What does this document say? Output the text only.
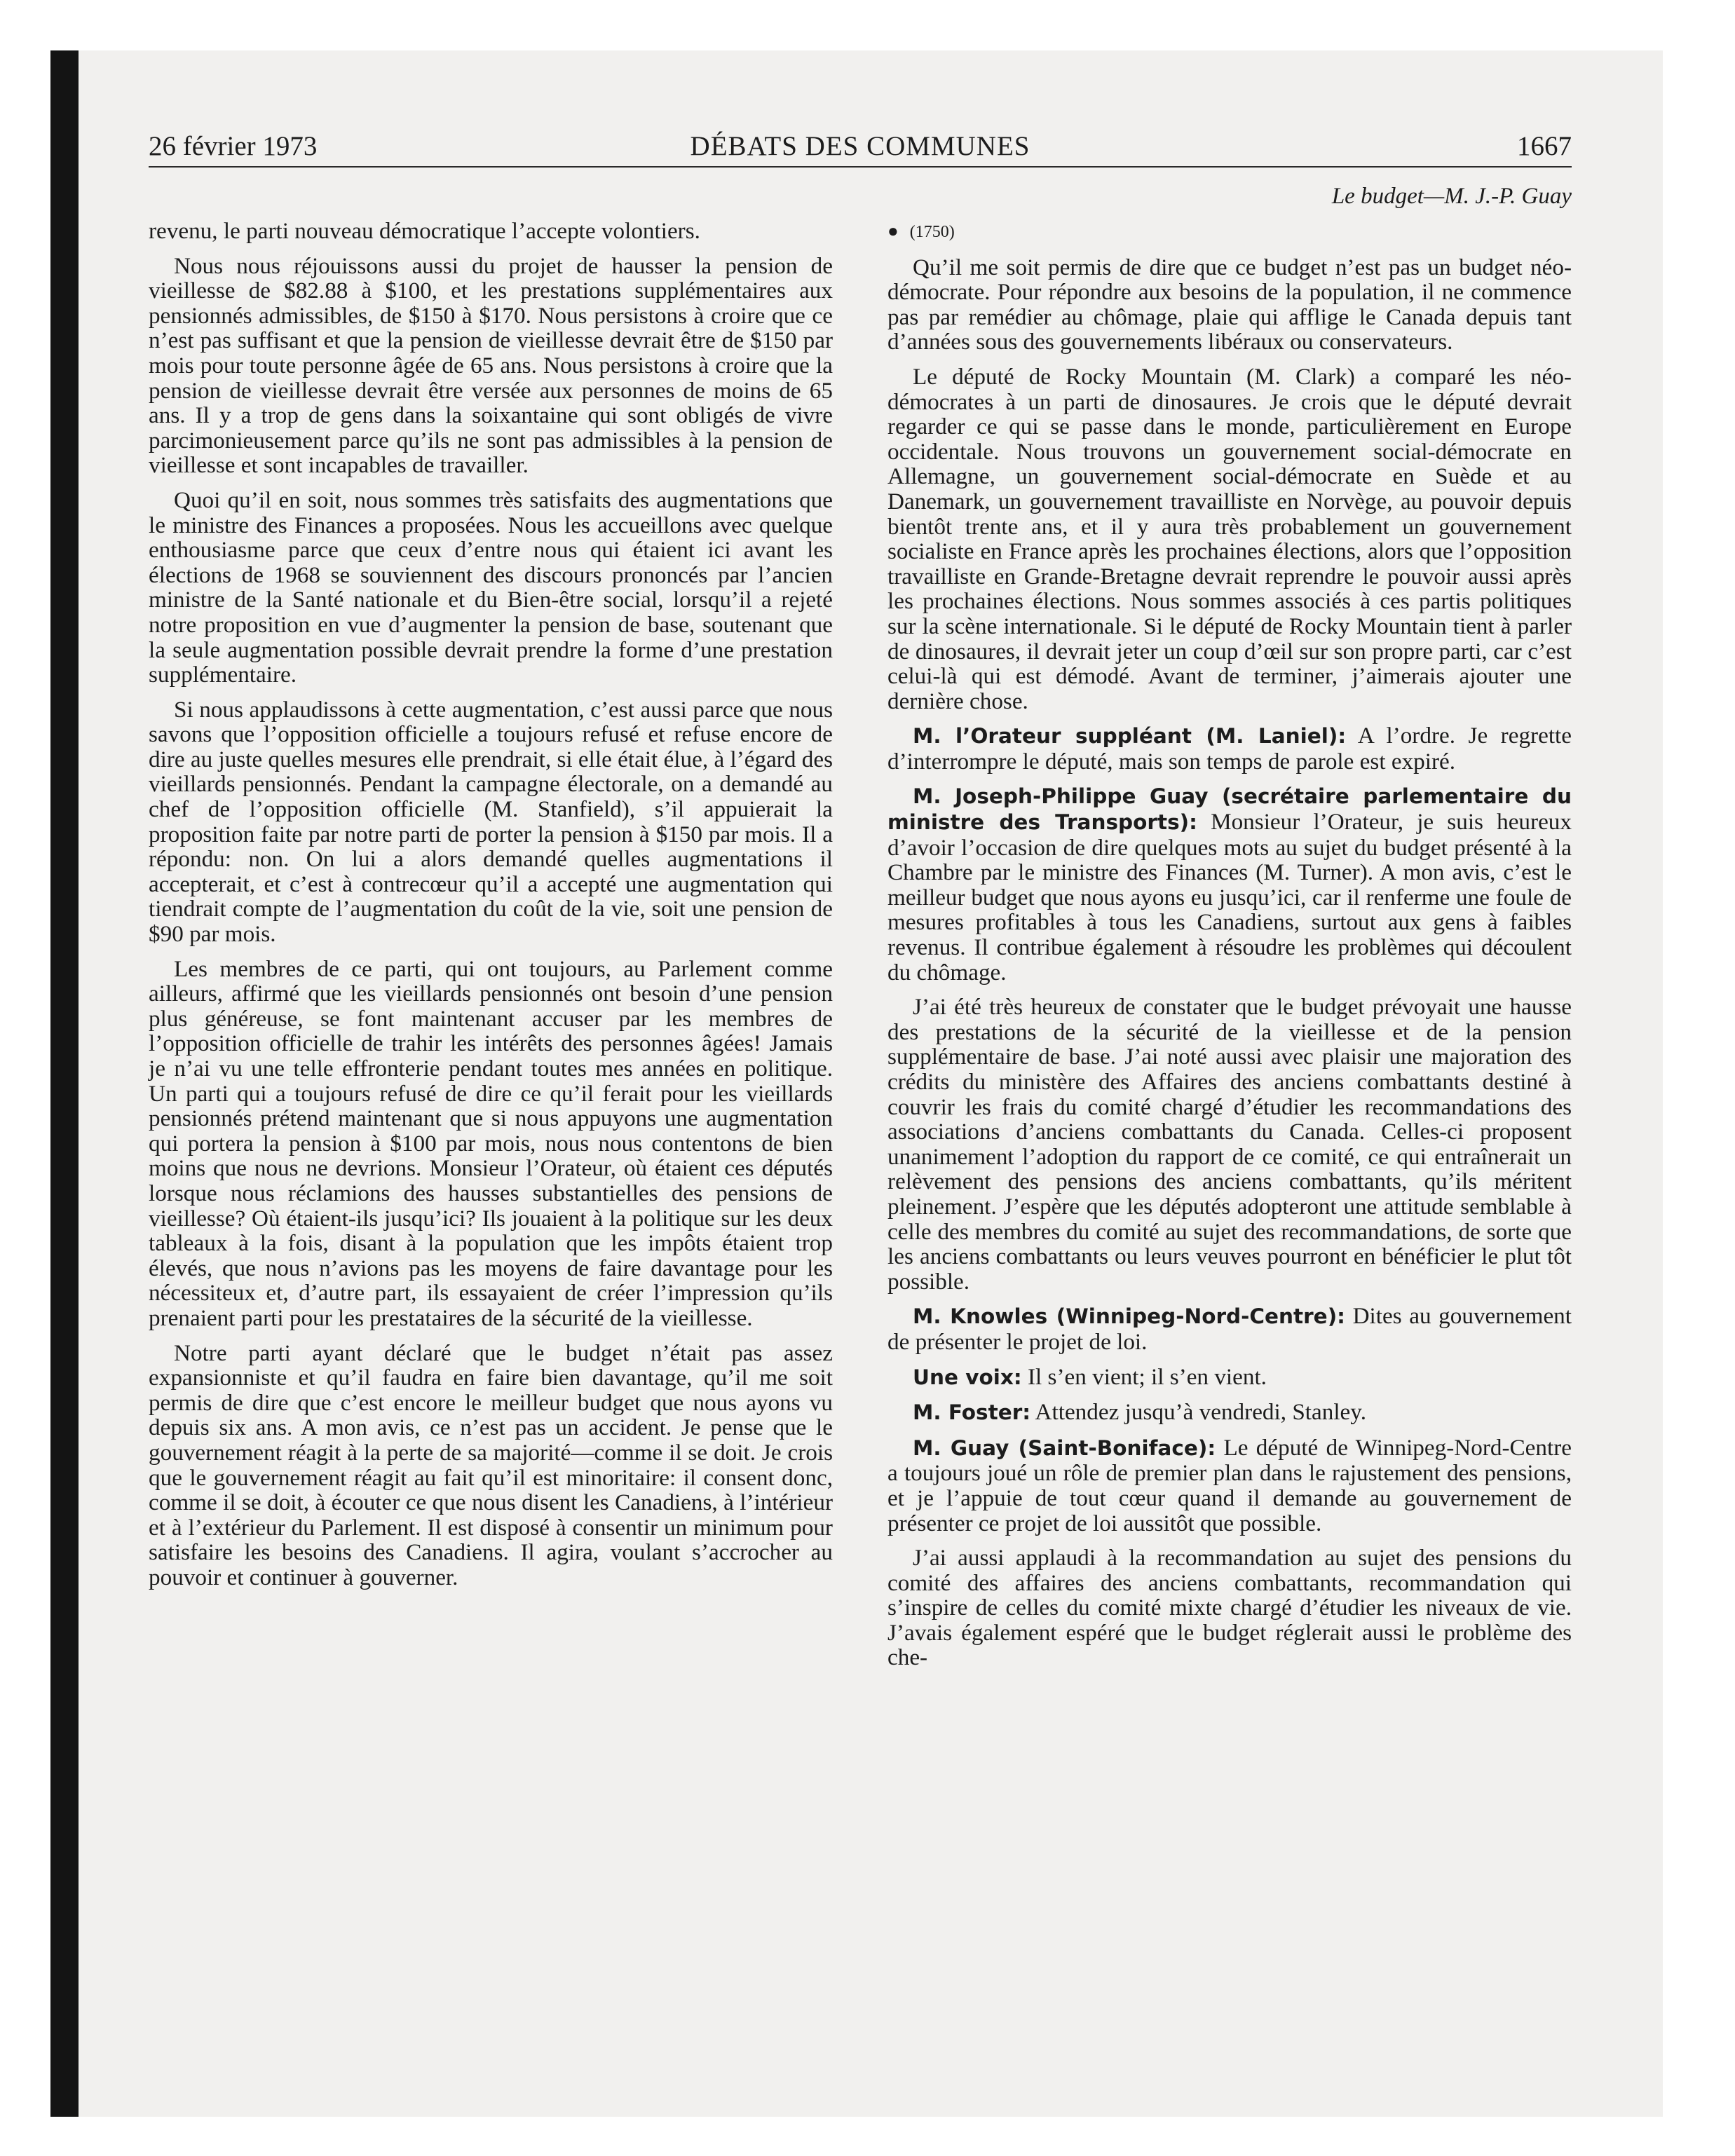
26 février 1973	DÉBATS DES COMMUNES	1667
Le budget—M. J.-P. Guay

revenu, le parti nouveau démocratique l’accepte volontiers.

Nous nous réjouissons aussi du projet de hausser la pension de vieillesse de $82.88 à $100, et les prestations supplémentaires aux pensionnés admissibles, de $150 à $170. Nous persistons à croire que ce n’est pas suffisant et que la pension de vieillesse devrait être de $150 par mois pour toute personne âgée de 65 ans. Nous persistons à croire que la pension de vieillesse devrait être versée aux personnes de moins de 65 ans. Il y a trop de gens dans la soixantaine qui sont obligés de vivre parcimonieusement parce qu’ils ne sont pas admissibles à la pension de vieillesse et sont incapables de travailler.

Quoi qu’il en soit, nous sommes très satisfaits des augmentations que le ministre des Finances a proposées. Nous les accueillons avec quelque enthousiasme parce que ceux d’entre nous qui étaient ici avant les élections de 1968 se souviennent des discours prononcés par l’ancien ministre de la Santé nationale et du Bien-être social, lorsqu’il a rejeté notre proposition en vue d’augmenter la pension de base, soutenant que la seule augmentation possible devrait prendre la forme d’une prestation supplémentaire.

Si nous applaudissons à cette augmentation, c’est aussi parce que nous savons que l’opposition officielle a toujours refusé et refuse encore de dire au juste quelles mesures elle prendrait, si elle était élue, à l’égard des vieillards pensionnés. Pendant la campagne électorale, on a demandé au chef de l’opposition officielle (M. Stanfield), s’il appuierait la proposition faite par notre parti de porter la pension à $150 par mois. Il a répondu: non. On lui a alors demandé quelles augmentations il accepterait, et c’est à contrecœur qu’il a accepté une augmentation qui tiendrait compte de l’augmentation du coût de la vie, soit une pension de $90 par mois.

Les membres de ce parti, qui ont toujours, au Parlement comme ailleurs, affirmé que les vieillards pensionnés ont besoin d’une pension plus généreuse, se font maintenant accuser par les membres de l’opposition officielle de trahir les intérêts des personnes âgées! Jamais je n’ai vu une telle effronterie pendant toutes mes années en politique. Un parti qui a toujours refusé de dire ce qu’il ferait pour les vieillards pensionnés prétend maintenant que si nous appuyons une augmentation qui portera la pension à $100 par mois, nous nous contentons de bien moins que nous ne devrions. Monsieur l’Orateur, où étaient ces députés lorsque nous réclamions des hausses substantielles des pensions de vieillesse? Où étaient-ils jusqu’ici? Ils jouaient à la politique sur les deux tableaux à la fois, disant à la population que les impôts étaient trop élevés, que nous n’avions pas les moyens de faire davantage pour les nécessiteux et, d’autre part, ils essayaient de créer l’impression qu’ils prenaient parti pour les prestataires de la sécurité de la vieillesse.

Notre parti ayant déclaré que le budget n’était pas assez expansionniste et qu’il faudra en faire bien davantage, qu’il me soit permis de dire que c’est encore le meilleur budget que nous ayons vu depuis six ans. A mon avis, ce n’est pas un accident. Je pense que le gouvernement réagit à la perte de sa majorité—comme il se doit. Je crois que le gouvernement réagit au fait qu’il est minoritaire: il consent donc, comme il se doit, à écouter ce que nous disent les Canadiens, à l’intérieur et à l’extérieur du Parlement. Il est disposé à consentir un minimum pour satisfaire les besoins des Canadiens. Il agira, voulant s’accrocher au pouvoir et continuer à gouverner.

● (1750)

Qu’il me soit permis de dire que ce budget n’est pas un budget néo-démocrate. Pour répondre aux besoins de la population, il ne commence pas par remédier au chômage, plaie qui afflige le Canada depuis tant d’années sous des gouvernements libéraux ou conservateurs.

Le député de Rocky Mountain (M. Clark) a comparé les néo-démocrates à un parti de dinosaures. Je crois que le député devrait regarder ce qui se passe dans le monde, particulièrement en Europe occidentale. Nous trouvons un gouvernement social-démocrate en Allemagne, un gouvernement social-démocrate en Suède et au Danemark, un gouvernement travailliste en Norvège, au pouvoir depuis bientôt trente ans, et il y aura très probablement un gouvernement socialiste en France après les prochaines élections, alors que l’opposition travailliste en Grande-Bretagne devrait reprendre le pouvoir aussi après les prochaines élections. Nous sommes associés à ces partis politiques sur la scène internationale. Si le député de Rocky Mountain tient à parler de dinosaures, il devrait jeter un coup d’œil sur son propre parti, car c’est celui-là qui est démodé. Avant de terminer, j’aimerais ajouter une dernière chose.

M. l’Orateur suppléant (M. Laniel): A l’ordre. Je regrette d’interrompre le député, mais son temps de parole est expiré.

M. Joseph-Philippe Guay (secrétaire parlementaire du ministre des Transports): Monsieur l’Orateur, je suis heureux d’avoir l’occasion de dire quelques mots au sujet du budget présenté à la Chambre par le ministre des Finances (M. Turner). A mon avis, c’est le meilleur budget que nous ayons eu jusqu’ici, car il renferme une foule de mesures profitables à tous les Canadiens, surtout aux gens à faibles revenus. Il contribue également à résoudre les problèmes qui découlent du chômage.

J’ai été très heureux de constater que le budget prévoyait une hausse des prestations de la sécurité de la vieillesse et de la pension supplémentaire de base. J’ai noté aussi avec plaisir une majoration des crédits du ministère des Affaires des anciens combattants destiné à couvrir les frais du comité chargé d’étudier les recommandations des associations d’anciens combattants du Canada. Celles-ci proposent unanimement l’adoption du rapport de ce comité, ce qui entraînerait un relèvement des pensions des anciens combattants, qu’ils méritent pleinement. J’espère que les députés adopteront une attitude semblable à celle des membres du comité au sujet des recommandations, de sorte que les anciens combattants ou leurs veuves pourront en bénéficier le plut tôt possible.

M. Knowles (Winnipeg-Nord-Centre): Dites au gouvernement de présenter le projet de loi.

Une voix: Il s’en vient; il s’en vient.

M. Foster: Attendez jusqu’à vendredi, Stanley.

M. Guay (Saint-Boniface): Le député de Winnipeg-Nord-Centre a toujours joué un rôle de premier plan dans le rajustement des pensions, et je l’appuie de tout cœur quand il demande au gouvernement de présenter ce projet de loi aussitôt que possible.

J’ai aussi applaudi à la recommandation au sujet des pensions du comité des affaires des anciens combattants, recommandation qui s’inspire de celles du comité mixte chargé d’étudier les niveaux de vie. J’avais également espéré que le budget réglerait aussi le problème des che-
